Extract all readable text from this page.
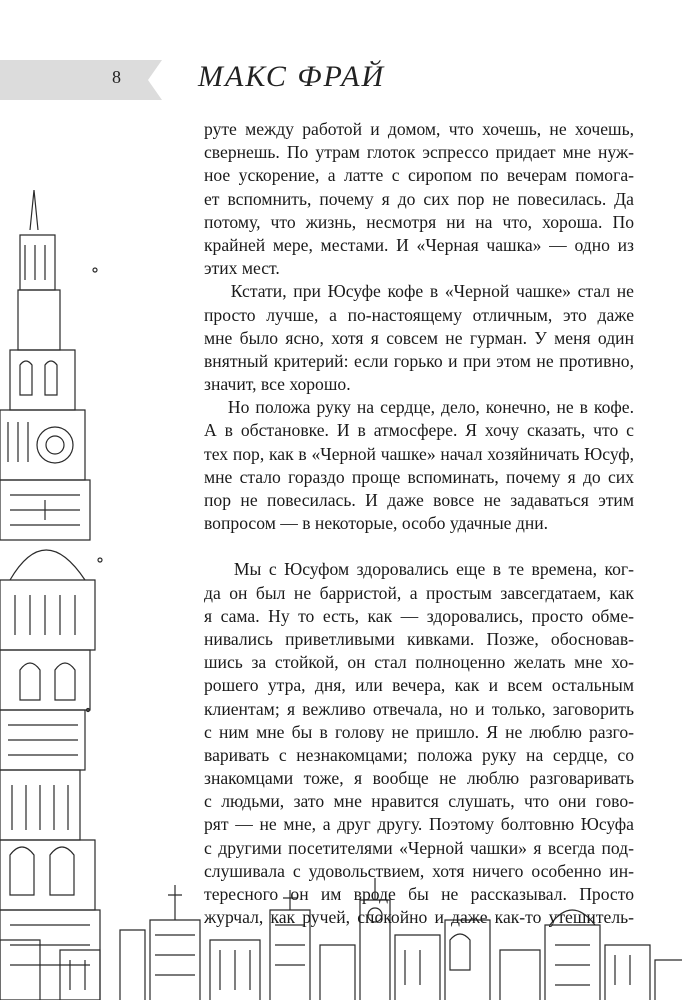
8	МАКС ФРАЙ
руте между работой и домом, что хочешь, не хочешь,
свернешь. По утрам глоток эспрессо придает мне нуж-
ное ускорение, а латте с сиропом по вечерам помога-
ет вспомнить, почему я до сих пор не повесилась. Да
потому, что жизнь, несмотря ни на что, хороша. По
крайней мере, местами. И «Черная чашка» — одно из
этих мест.
Кстати, при Юсуфе кофе в «Черной чашке» стал не
просто лучше, а по-настоящему отличным, это даже
мне было ясно, хотя я совсем не гурман. У меня один
внятный критерий: если горько и при этом не противно,
значит, все хорошо.
Но положа руку на сердце, дело, конечно, не в кофе.
А в обстановке. И в атмосфере. Я хочу сказать, что с
тех пор, как в «Черной чашке» начал хозяйничать Юсуф,
мне стало гораздо проще вспоминать, почему я до сих
пор не повесилась. И даже вовсе не задаваться этим
вопросом — в некоторые, особо удачные дни.
Мы с Юсуфом здоровались еще в те времена, ког-
да он был не барристой, а простым завсегдатаем, как
я сама. Ну то есть, как — здоровались, просто обме-
нивались приветливыми кивками. Позже, обосновав-
шись за стойкой, он стал полноценно желать мне хо-
рошего утра, дня, или вечера, как и всем остальным
клиентам; я вежливо отвечала, но и только, заговорить
с ним мне бы в голову не пришло. Я не люблю разго-
варивать с незнакомцами; положа руку на сердце, со
знакомцами тоже, я вообще не люблю разговаривать
с людьми, зато мне нравится слушать, что они гово-
рят — не мне, а друг другу. Поэтому болтовню Юсуфа
с другими посетителями «Черной чашки» я всегда под-
слушивала с удовольствием, хотя ничего особенно ин-
тересного он им вроде бы не рассказывал. Просто
журчал, как ручей, спокойно и даже как-то утешитель-
